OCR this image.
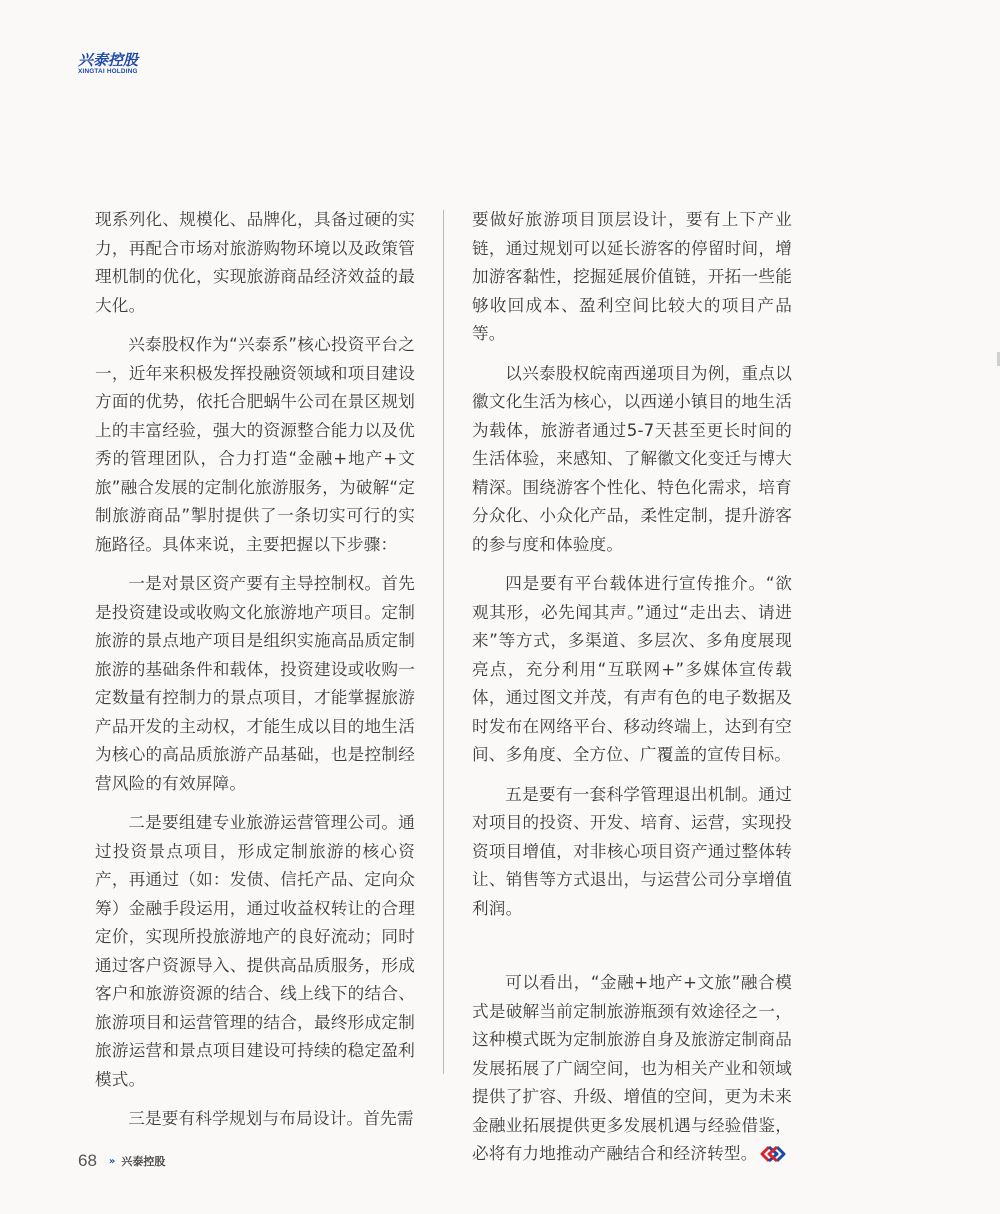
兴泰控股
XINGTAI HOLDING

现系列化、规模化、品牌化，具备过硬的实力，再配合市场对旅游购物环境以及政策管理机制的优化，实现旅游商品经济效益的最大化。

兴泰股权作为“兴泰系”核心投资平台之一，近年来积极发挥投融资领域和项目建设方面的优势，依托合肥蜗牛公司在景区规划上的丰富经验，强大的资源整合能力以及优秀的管理团队，合力打造“金融+地产+文旅”融合发展的定制化旅游服务，为破解“定制旅游商品”掣肘提供了一条切实可行的实施路径。具体来说，主要把握以下步骤：

一是对景区资产要有主导控制权。首先是投资建设或收购文化旅游地产项目。定制旅游的景点地产项目是组织实施高品质定制旅游的基础条件和载体，投资建设或收购一定数量有控制力的景点项目，才能掌握旅游产品开发的主动权，才能生成以目的地生活为核心的高品质旅游产品基础，也是控制经营风险的有效屏障。

二是要组建专业旅游运营管理公司。通过投资景点项目，形成定制旅游的核心资产，再通过（如：发债、信托产品、定向众筹）金融手段运用，通过收益权转让的合理定价，实现所投旅游地产的良好流动；同时通过客户资源导入、提供高品质服务，形成客户和旅游资源的结合、线上线下的结合、旅游项目和运营管理的结合，最终形成定制旅游运营和景点项目建设可持续的稳定盈利模式。

三是要有科学规划与布局设计。首先需

要做好旅游项目顶层设计，要有上下产业链，通过规划可以延长游客的停留时间，增加游客黏性，挖掘延展价值链，开拓一些能够收回成本、盈利空间比较大的项目产品等。

以兴泰股权皖南西递项目为例，重点以徽文化生活为核心，以西递小镇目的地生活为载体，旅游者通过5-7天甚至更长时间的生活体验，来感知、了解徽文化变迁与博大精深。围绕游客个性化、特色化需求，培育分众化、小众化产品，柔性定制，提升游客的参与度和体验度。

四是要有平台载体进行宣传推介。“欲观其形，必先闻其声。”通过“走出去、请进来”等方式，多渠道、多层次、多角度展现亮点，充分利用“互联网+”多媒体宣传载体，通过图文并茂，有声有色的电子数据及时发布在网络平台、移动终端上，达到有空间、多角度、全方位、广覆盖的宣传目标。

五是要有一套科学管理退出机制。通过对项目的投资、开发、培育、运营，实现投资项目增值，对非核心项目资产通过整体转让、销售等方式退出，与运营公司分享增值利润。

可以看出，“金融+地产+文旅”融合模式是破解当前定制旅游瓶颈有效途径之一，这种模式既为定制旅游自身及旅游定制商品发展拓展了广阔空间，也为相关产业和领域提供了扩容、升级、增值的空间，更为未来金融业拓展提供更多发展机遇与经验借鉴，必将有力地推动产融结合和经济转型。

68 » 兴泰控股
